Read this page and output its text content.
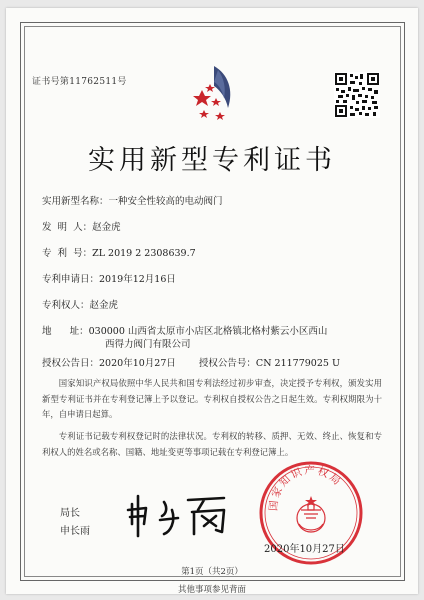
证书号第11762511号
实用新型专利证书
实用新型名称：一种安全性较高的电动阀门
发  明  人：赵金虎
专  利  号：ZL 2019 2 2308639.7
专利申请日：2019年12月16日
专利权人：赵金虎
地      址：030000 山西省太原市小店区北格镇北格村紫云小区西山
西得力阀门有限公司
授权公告日：2020年10月27日 授权公告号：CN 211779025 U
国家知识产权局依照中华人民共和国专利法经过初步审查，决定授予专利权，颁发实用新型专利证书并在专利登记簿上予以登记。专利权自授权公告之日起生效。专利权期限为十年，自申请日起算。
专利证书记载专利权登记时的法律状况。专利权的转移、质押、无效、终止、恢复和专利权人的姓名或名称、国籍、地址变更等事项记载在专利登记簿上。
局长
申长雨
国家知识产权局
2020年10月27日
第1页（共2页）
其他事项参见背面
